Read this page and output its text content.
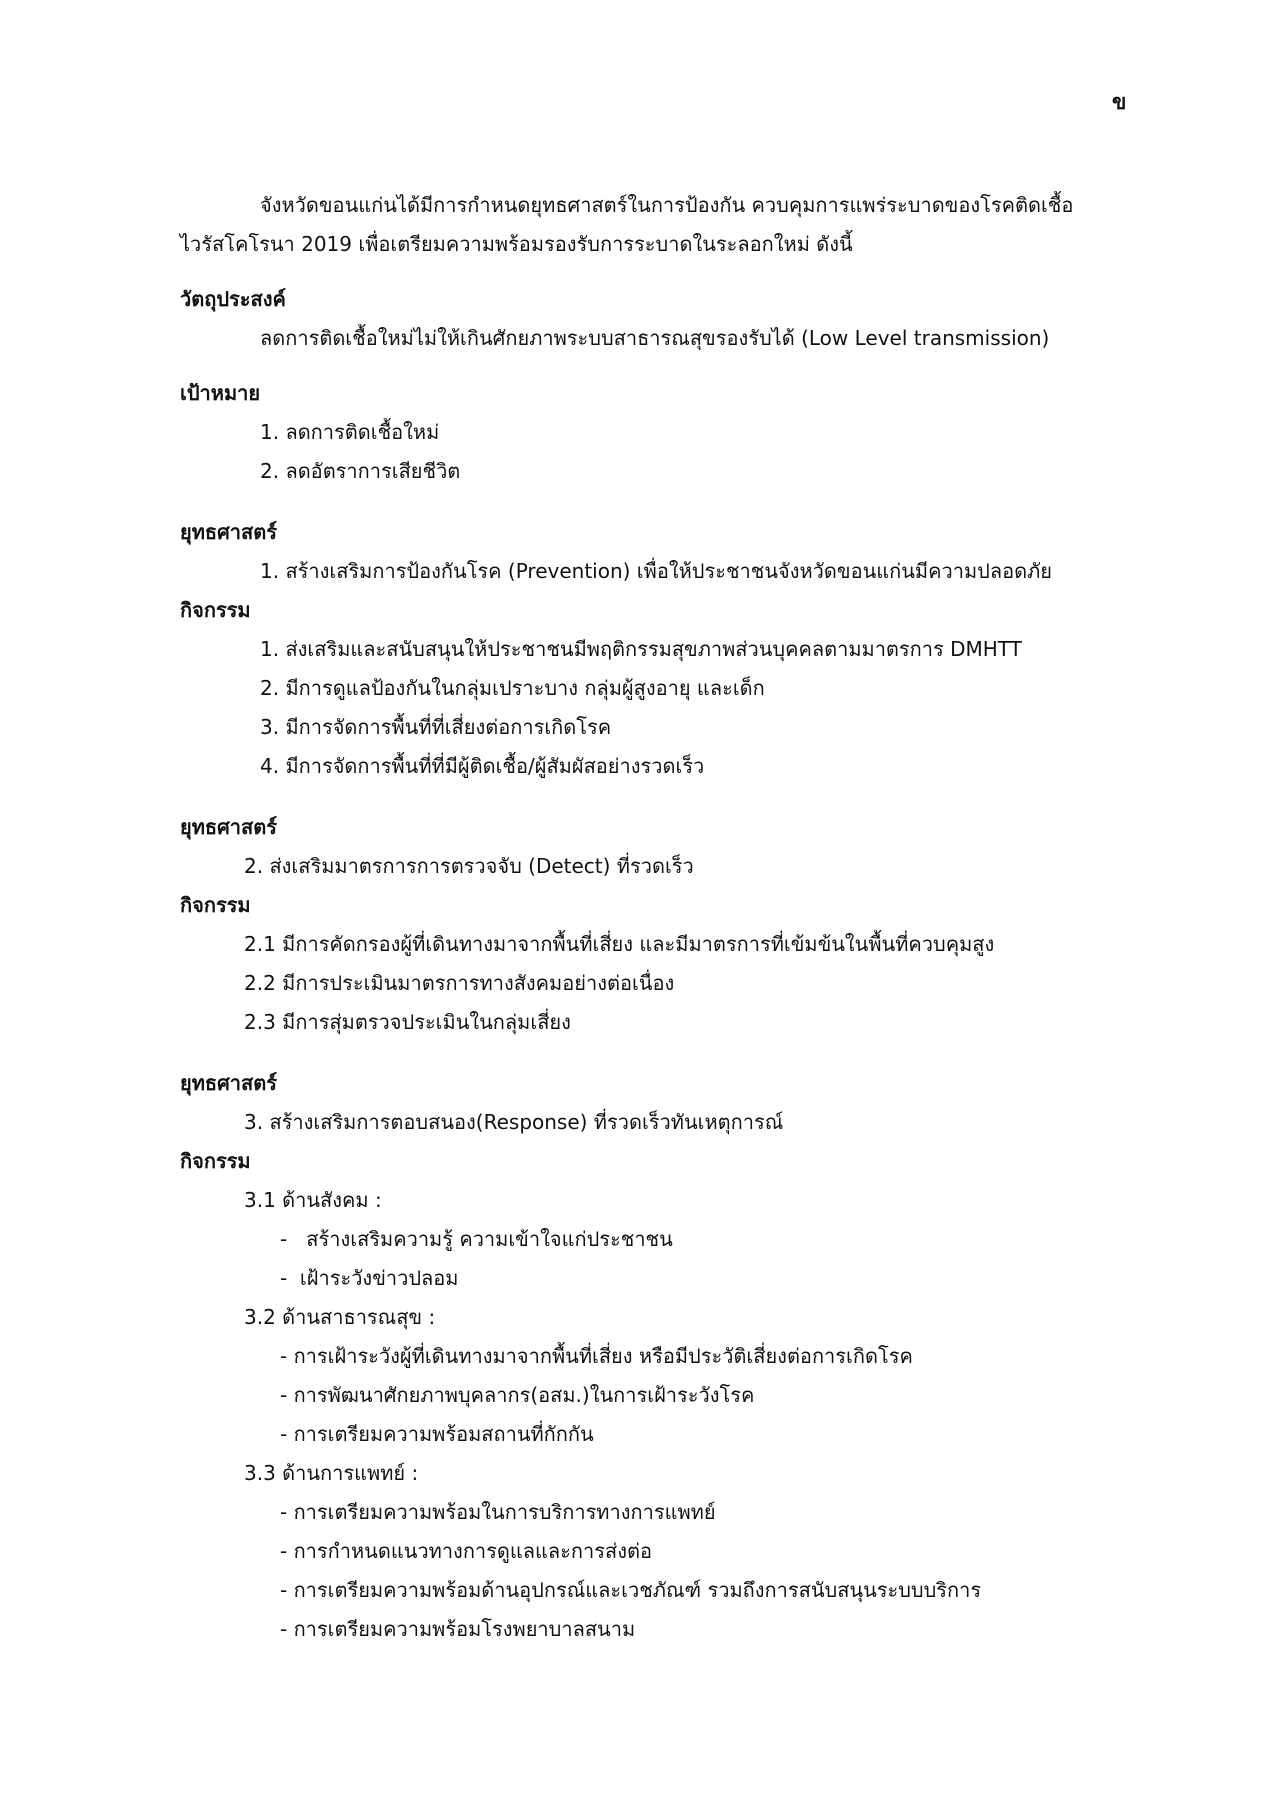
ข

จังหวัดขอนแก่นได้มีการกำหนดยุทธศาสตร์ในการป้องกัน ควบคุมการแพร่ระบาดของโรคติดเชื้อ
ไวรัสโคโรนา 2019 เพื่อเตรียมความพร้อมรองรับการระบาดในระลอกใหม่ ดังนี้

วัตถุประสงค์

ลดการติดเชื้อใหม่ไม่ให้เกินศักยภาพระบบสาธารณสุขรองรับได้ (Low Level transmission)

เป้าหมาย

1. ลดการติดเชื้อใหม่

2. ลดอัตราการเสียชีวิต

ยุทธศาสตร์

1. สร้างเสริมการป้องกันโรค (Prevention) เพื่อให้ประชาชนจังหวัดขอนแก่นมีความปลอดภัย

กิจกรรม

1. ส่งเสริมและสนับสนุนให้ประชาชนมีพฤติกรรมสุขภาพส่วนบุคคลตามมาตรการ DMHTT

2. มีการดูแลป้องกันในกลุ่มเปราะบาง กลุ่มผู้สูงอายุ และเด็ก

3. มีการจัดการพื้นที่ที่เสี่ยงต่อการเกิดโรค

4. มีการจัดการพื้นที่ที่มีผู้ติดเชื้อ/ผู้สัมผัสอย่างรวดเร็ว

ยุทธศาสตร์

2. ส่งเสริมมาตรการการตรวจจับ (Detect) ที่รวดเร็ว

กิจกรรม

2.1 มีการคัดกรองผู้ที่เดินทางมาจากพื้นที่เสี่ยง และมีมาตรการที่เข้มข้นในพื้นที่ควบคุมสูง

2.2 มีการประเมินมาตรการทางสังคมอย่างต่อเนื่อง

2.3 มีการสุ่มตรวจประเมินในกลุ่มเสี่ยง

ยุทธศาสตร์

3. สร้างเสริมการตอบสนอง(Response) ที่รวดเร็วทันเหตุการณ์

กิจกรรม

3.1 ด้านสังคม :

-   สร้างเสริมความรู้ ความเข้าใจแก่ประชาชน

-  เฝ้าระวังข่าวปลอม

3.2 ด้านสาธารณสุข :

- การเฝ้าระวังผู้ที่เดินทางมาจากพื้นที่เสี่ยง หรือมีประวัติเสี่ยงต่อการเกิดโรค

- การพัฒนาศักยภาพบุคลากร(อสม.)ในการเฝ้าระวังโรค

- การเตรียมความพร้อมสถานที่กักกัน

3.3 ด้านการแพทย์ :

- การเตรียมความพร้อมในการบริการทางการแพทย์

- การกำหนดแนวทางการดูแลและการส่งต่อ

- การเตรียมความพร้อมด้านอุปกรณ์และเวชภัณฑ์ รวมถึงการสนับสนุนระบบบริการ

- การเตรียมความพร้อมโรงพยาบาลสนาม
